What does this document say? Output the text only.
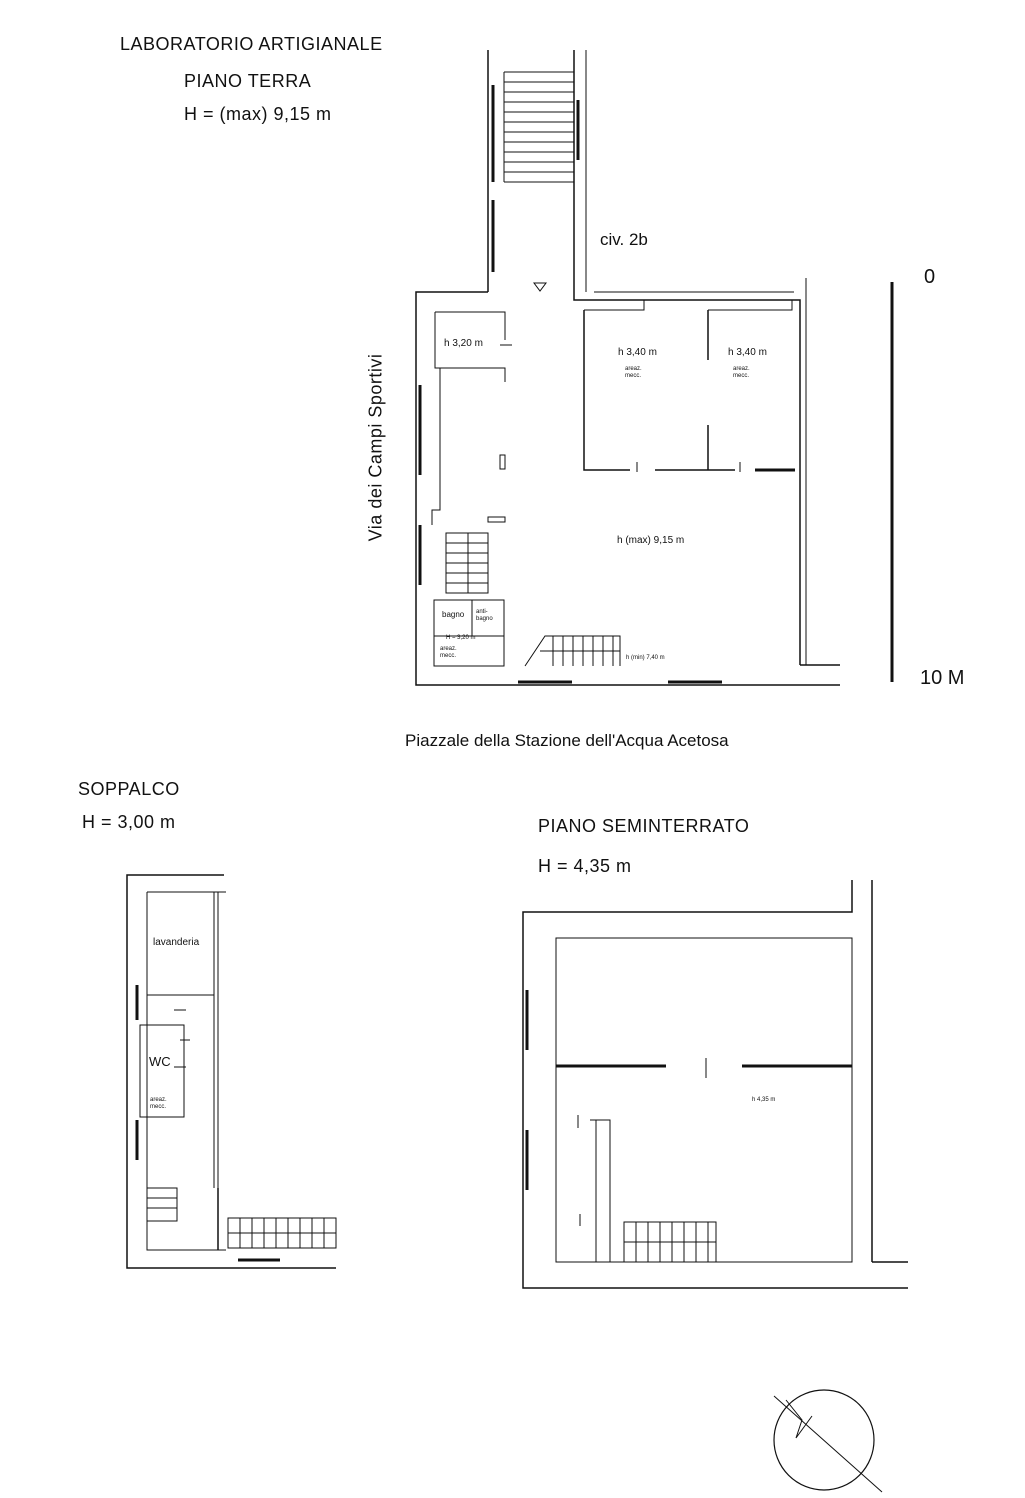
LABORATORIO ARTIGIANALE
PIANO TERRA
H = (max) 9,15 m
civ. 2b
Via dei Campi Sportivi
Piazzale della Stazione dell'Acqua Acetosa
h 3,20 m
h 3,40 m	h 3,40 m
areaz.
mecc.
areaz.
mecc.
h (max) 9,15 m
bagno anti-
bagno
H = 3,20 m
areaz.
mecc.	h (min) 7,40 m
0
10 M
SOPPALCO
H = 3,00 m
lavanderia
WC
areaz.
mecc.
PIANO SEMINTERRATO
H = 4,35 m
h 4,35 m
